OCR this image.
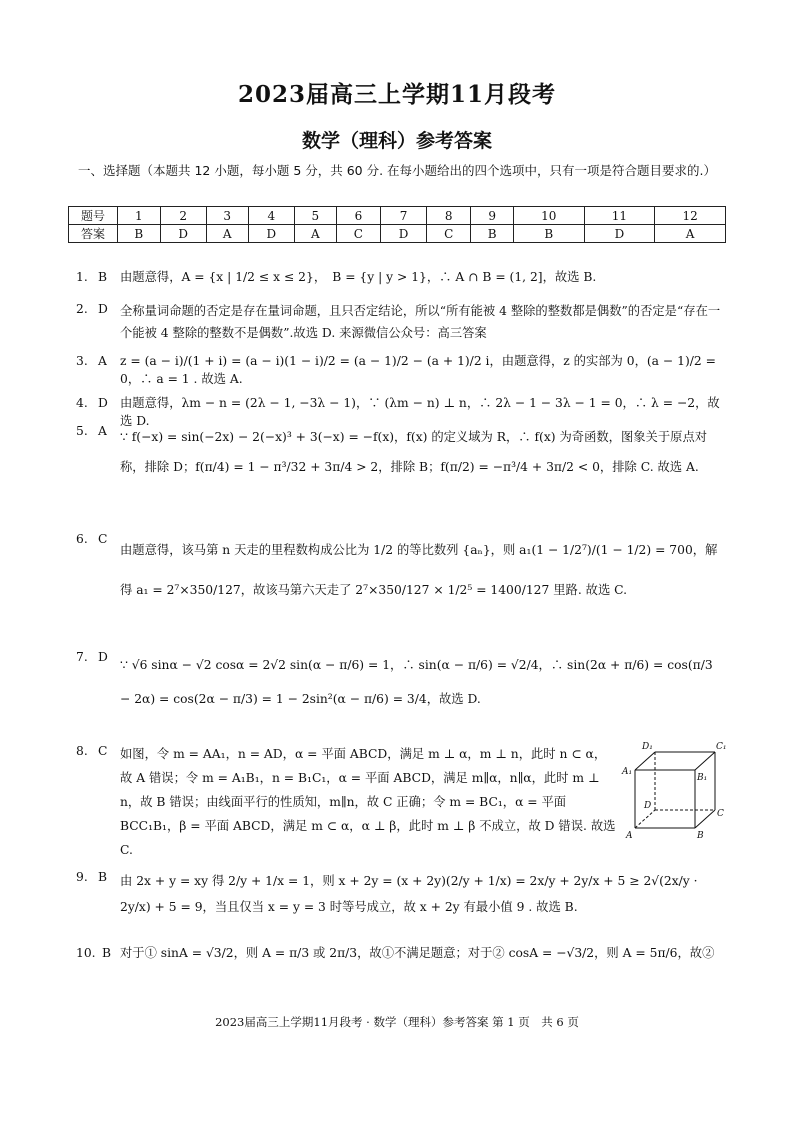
2023届高三上学期11月段考
数学（理科）参考答案
一、选择题（本题共 12 小题，每小题 5 分，共 60 分. 在每小题给出的四个选项中，只有一项是符合题目要求的.）
题号	1	2	3	4	5	6	7	8	9	10	11	12
答案	B	D	A	D	A	C	D	C	B	B	D	A
1. B	由题意得，A = {x | 1/2 ≤ x ≤ 2}，　B = {y | y > 1}，∴ A ∩ B = (1, 2]，故选 B.
2. D 全称量词命题的否定是存在量词命题，且只否定结论，所以“所有能被 4 整除的整数都是偶数”的否定是“存在一个能被 4 整除的整数不是偶数”.故选 D. 来源微信公众号：高三答案
3. A	z = (a − i)/(1 + i) = (a − i)(1 − i)/2 = (a − 1)/2 − (a + 1)/2 i，由题意得，z 的实部为 0，(a − 1)/2 = 0，∴ a = 1 . 故选 A.
4. D 由题意得，λm − n = (2λ − 1, −3λ − 1)，∵ (λm − n) ⊥ n，∴ 2λ − 1 − 3λ − 1 = 0，∴ λ = −2，故选 D.
5. A	∵ f(−x) = sin(−2x) − 2(−x)³ + 3(−x) = −f(x)，f(x) 的定义域为 R，∴ f(x) 为奇函数，图象关于原点对称，排除 D；f(π/4) = 1 − π³/32 + 3π/4 > 2，排除 B；f(π/2) = −π³/4 + 3π/2 < 0，排除 C. 故选 A.
6. C
由题意得，该马第 n 天走的里程数构成公比为 1/2 的等比数列 {aₙ}，则 a₁(1 − 1/2⁷)/(1 − 1/2) = 700，解得 a₁ = 2⁷×350/127，故该马第六天走了 2⁷×350/127 × 1/2⁵ = 1400/127 里路. 故选 C.
7. D
∵ √6 sinα − √2 cosα = 2√2 sin(α − π/6) = 1，∴ sin(α − π/6) = √2/4，∴ sin(2α + π/6) = cos(π/3 − 2α) = cos(2α − π/3) = 1 − 2sin²(α − π/6) = 3/4，故选 D.
8. C	如图，令 m = AA₁，n = AD，α = 平面 ABCD，满足 m ⊥ α，m ⊥ n，此时 n ⊂ α，故 A 错误；令 m = A₁B₁，n = B₁C₁，α = 平面 ABCD，满足 m∥α，n∥α，此时 m ⊥ n，故 B 错误；由线面平行的性质知，m∥n，故 C 正确；令 m = BC₁，α = 平面 BCC₁B₁，β = 平面 ABCD，满足 m ⊂ α，α ⊥ β，此时 m ⊥ β 不成立，故 D 错误. 故选 C.
D₁	C₁
A₁
B₁
D
C
A	B
9. B	由 2x + y = xy 得 2/y + 1/x = 1，则 x + 2y = (x + 2y)(2/y + 1/x) = 2x/y + 2y/x + 5 ≥ 2√(2x/y · 2y/x) + 5 = 9，当且仅当 x = y = 3 时等号成立，故 x + 2y 有最小值 9 . 故选 B.
10. B 对于① sinA = √3/2，则 A = π/3 或 2π/3，故①不满足题意；对于② cosA = −√3/2，则 A = 5π/6，故②
2023届高三上学期11月段考 · 数学（理科）参考答案 第 1 页　共 6 页
